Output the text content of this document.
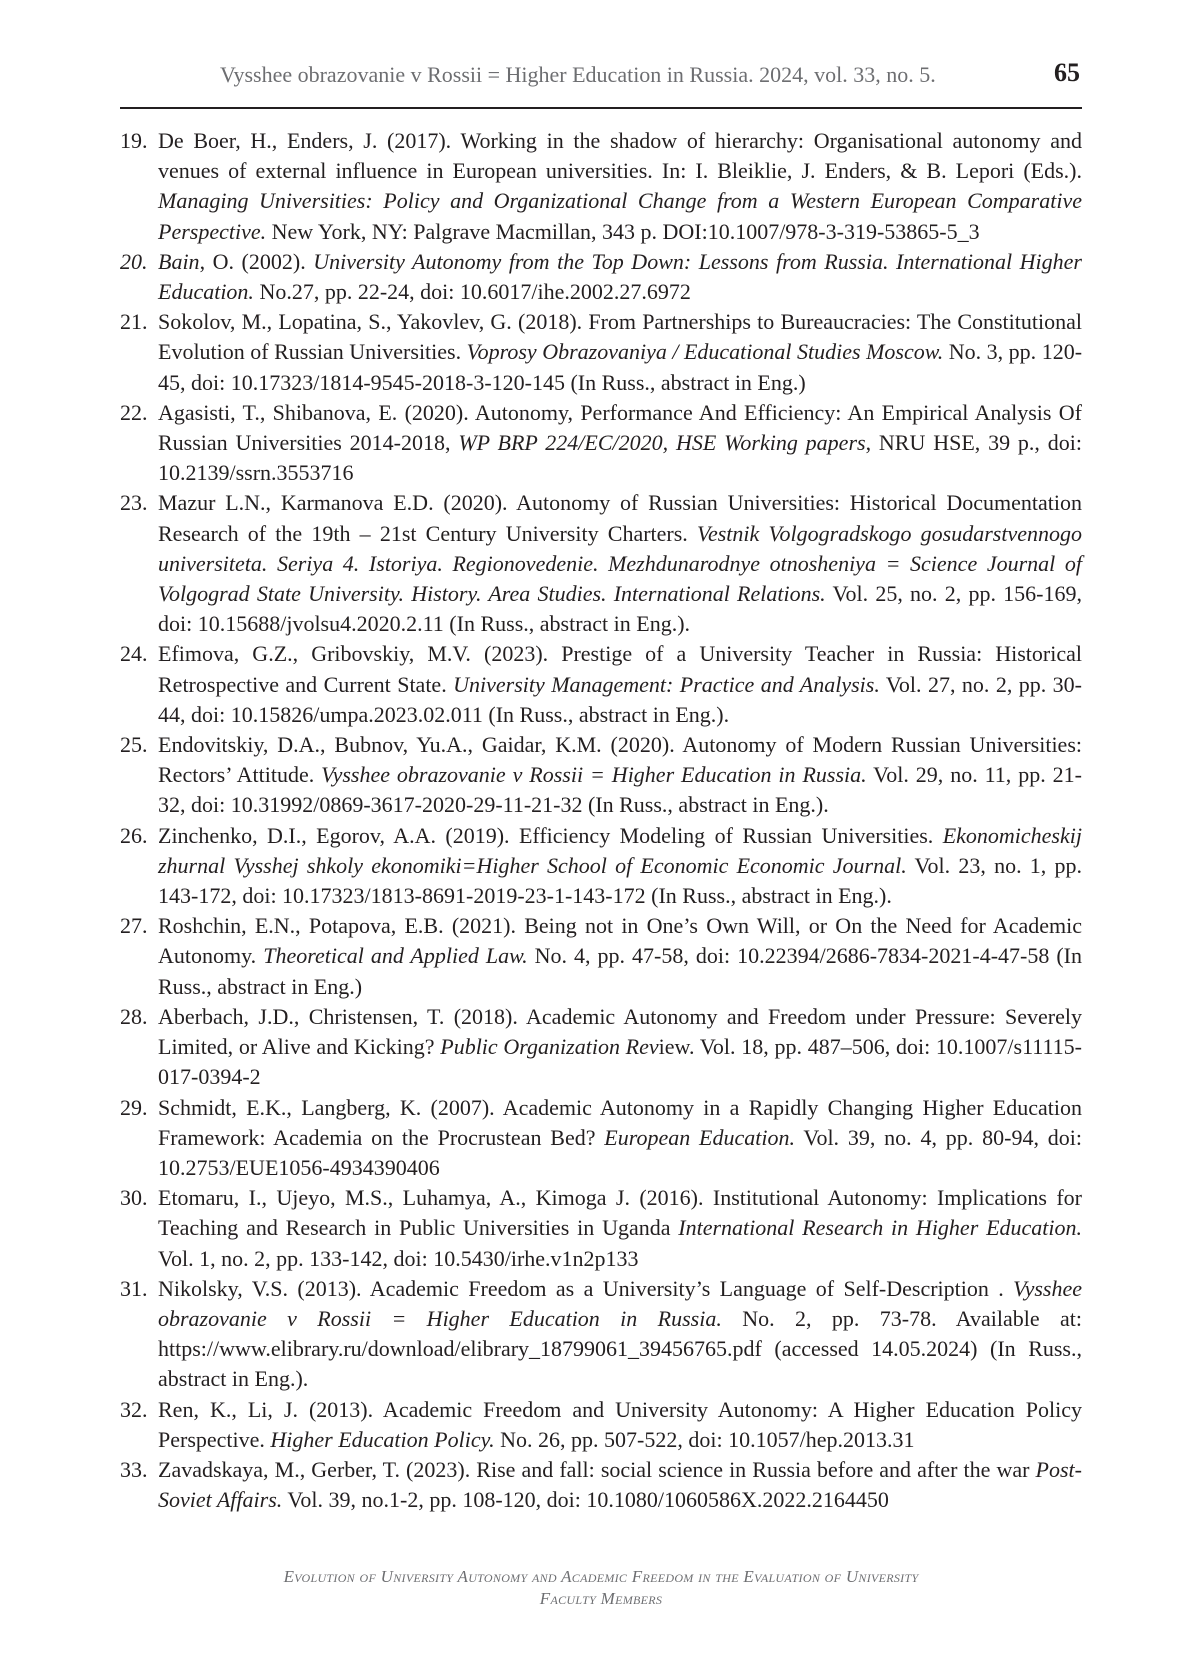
Vysshee obrazovanie v Rossii = Higher Education in Russia. 2024, vol. 33, no. 5.	65
19. De Boer, H., Enders, J. (2017). Working in the shadow of hierarchy: Organisational autonomy and venues of external influence in European universities. In: I. Bleiklie, J. Enders, & B. Lepori (Eds.). Managing Universities: Policy and Organizational Change from a Western European Comparative Perspective. New York, NY: Palgrave Macmillan, 343 p. DOI:10.1007/978-3-319-53865-5_3
20. Bain, O. (2002). University Autonomy from the Top Down: Lessons from Russia. International Higher Education. No.27, pp. 22-24, doi: 10.6017/ihe.2002.27.6972
21. Sokolov, M., Lopatina, S., Yakovlev, G. (2018). From Partnerships to Bureaucracies: The Constitutional Evolution of Russian Universities. Voprosy Obrazovaniya / Educational Studies Moscow. No. 3, pp. 120-45, doi: 10.17323/1814-9545-2018-3-120-145 (In Russ., abstract in Eng.)
22. Agasisti, T., Shibanova, E. (2020). Autonomy, Performance And Efficiency: An Empirical Analysis Of Russian Universities 2014-2018, WP BRP 224/EC/2020, HSE Working papers, NRU HSE, 39 p., doi: 10.2139/ssrn.3553716
23. Mazur L.N., Karmanova E.D. (2020). Autonomy of Russian Universities: Historical Documentation Research of the 19th – 21st Century University Charters. Vestnik Volgogradskogo gosudarstvennogo universiteta. Seriya 4. Istoriya. Regionovedenie. Mezhdunarodnye otnosheniya = Science Journal of Volgograd State University. History. Area Studies. International Relations. Vol. 25, no. 2, pp. 156-169, doi: 10.15688/jvolsu4.2020.2.11 (In Russ., abstract in Eng.).
24. Efimova, G.Z., Gribovskiy, M.V. (2023). Prestige of a University Teacher in Russia: Historical Retrospective and Current State. University Management: Practice and Analysis. Vol. 27, no. 2, pp. 30-44, doi: 10.15826/umpa.2023.02.011 (In Russ., abstract in Eng.).
25. Endovitskiy, D.A., Bubnov, Yu.A., Gaidar, K.M. (2020). Autonomy of Modern Russian Universities: Rectors’ Attitude. Vysshee obrazovanie v Rossii = Higher Education in Russia. Vol. 29, no. 11, pp. 21-32, doi: 10.31992/0869-3617-2020-29-11-21-32 (In Russ., abstract in Eng.).
26. Zinchenko, D.I., Egorov, A.A. (2019). Efficiency Modeling of Russian Universities. Ekonomicheskij zhurnal Vysshej shkoly ekonomiki=Higher School of Economic Economic Journal. Vol. 23, no. 1, pp. 143-172, doi: 10.17323/1813-8691-2019-23-1-143-172 (In Russ., abstract in Eng.).
27. Roshchin, E.N., Potapova, E.B. (2021). Being not in One’s Own Will, or On the Need for Academic Autonomy. Theoretical and Applied Law. No. 4, pp. 47-58, doi: 10.22394/2686-7834-2021-4-47-58 (In Russ., abstract in Eng.)
28. Aberbach, J.D., Christensen, T. (2018). Academic Autonomy and Freedom under Pressure: Severely Limited, or Alive and Kicking? Public Organization Review. Vol. 18, pp. 487–506, doi: 10.1007/s11115-017-0394-2
29. Schmidt, E.K., Langberg, K. (2007). Academic Autonomy in a Rapidly Changing Higher Education Framework: Academia on the Procrustean Bed? European Education. Vol. 39, no. 4, pp. 80-94, doi: 10.2753/EUE1056-4934390406
30. Etomaru, I., Ujeyo, M.S., Luhamya, A., Kimoga J. (2016). Institutional Autonomy: Implications for Teaching and Research in Public Universities in Uganda International Research in Higher Education. Vol. 1, no. 2, pp. 133-142, doi: 10.5430/irhe.v1n2p133
31. Nikolsky, V.S. (2013). Academic Freedom as a University’s Language of Self-Description . Vysshee obrazovanie v Rossii = Higher Education in Russia. No. 2, pp. 73-78. Available at: https://www.elibrary.ru/download/elibrary_18799061_39456765.pdf (accessed 14.05.2024) (In Russ., abstract in Eng.).
32. Ren, K., Li, J. (2013). Academic Freedom and University Autonomy: A Higher Education Policy Perspective. Higher Education Policy. No. 26, pp. 507-522, doi: 10.1057/hep.2013.31
33. Zavadskaya, M., Gerber, T. (2023). Rise and fall: social science in Russia before and after the war Post-Soviet Affairs. Vol. 39, no.1-2, pp. 108-120, doi: 10.1080/1060586X.2022.2164450
Evolution of University Autonomy and Academic Freedom in the Evaluation of University
Faculty Members
